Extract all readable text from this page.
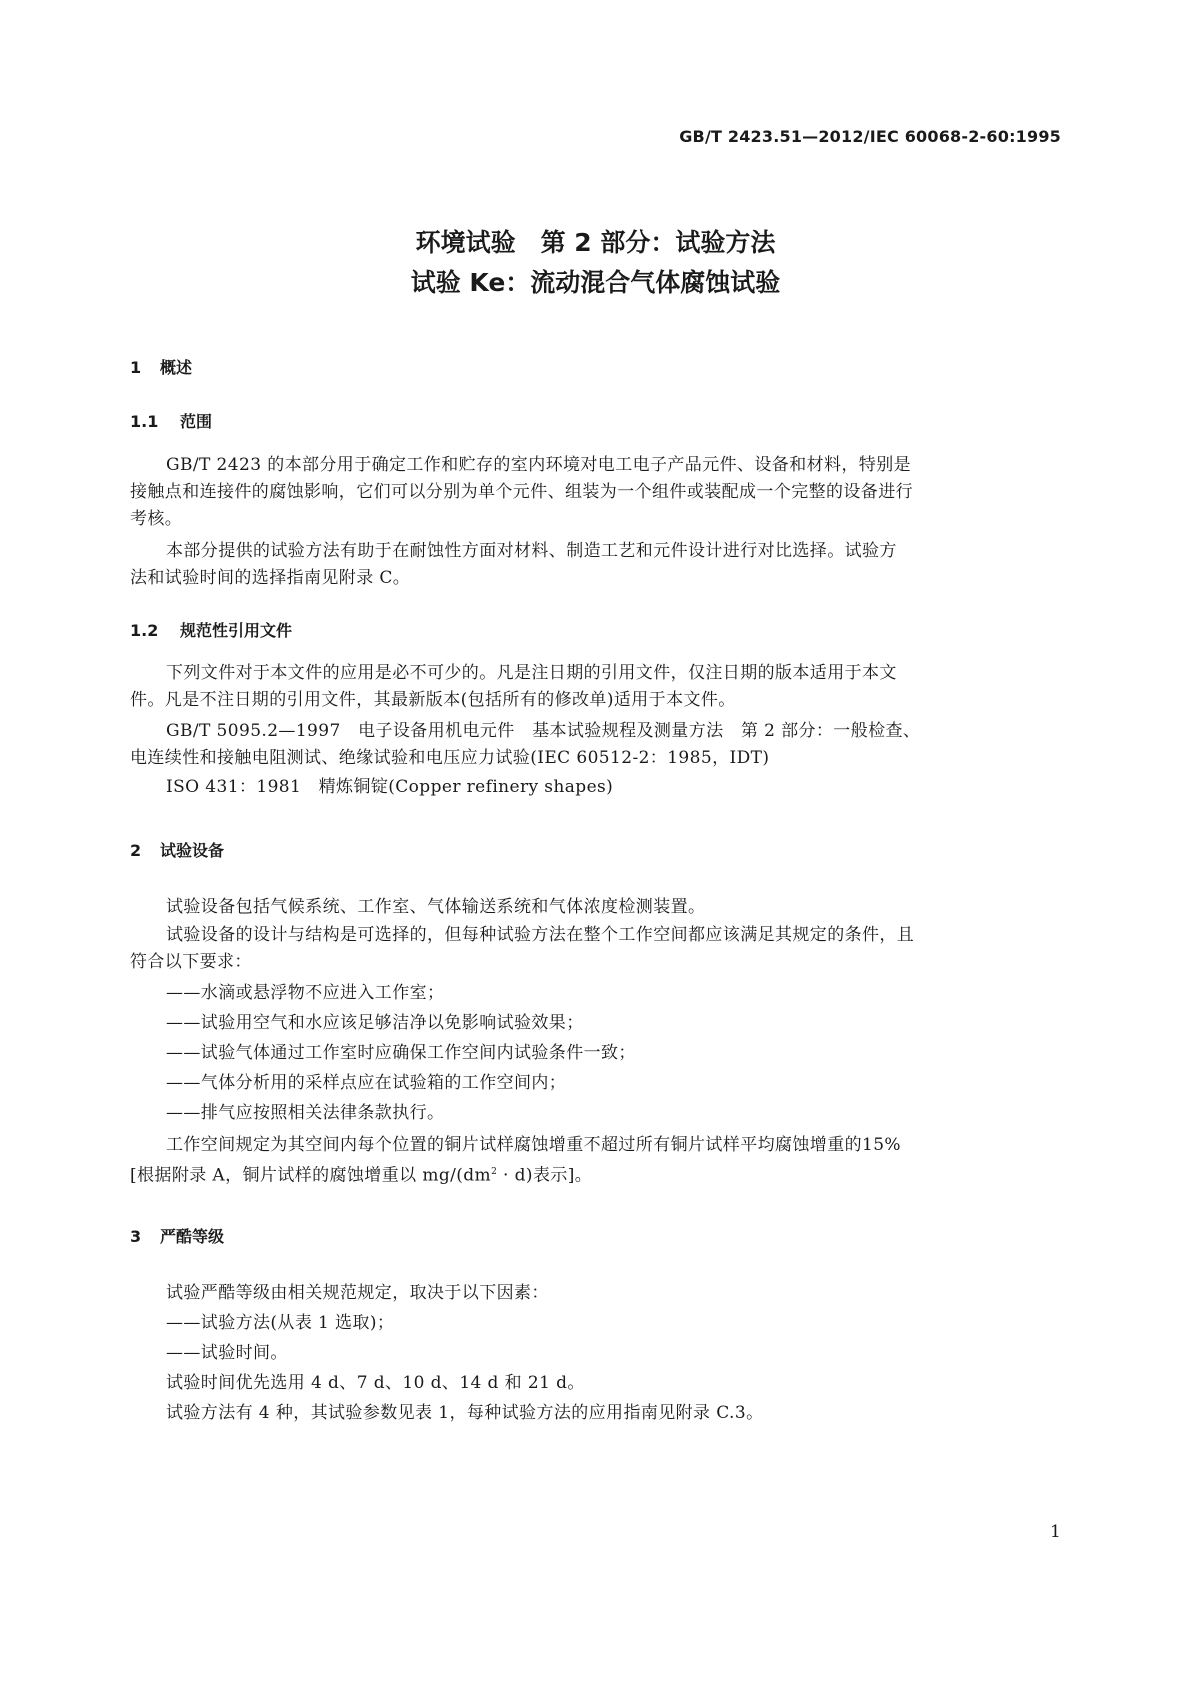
GB/T 2423.51—2012/IEC 60068-2-60:1995
环境试验　第 2 部分：试验方法
试验 Ke：流动混合气体腐蚀试验
1 概述
1.1 范围
GB/T 2423 的本部分用于确定工作和贮存的室内环境对电工电子产品元件、设备和材料，特别是
接触点和连接件的腐蚀影响，它们可以分别为单个元件、组装为一个组件或装配成一个完整的设备进行
考核。
本部分提供的试验方法有助于在耐蚀性方面对材料、制造工艺和元件设计进行对比选择。试验方
法和试验时间的选择指南见附录 C。
1.2 规范性引用文件
下列文件对于本文件的应用是必不可少的。凡是注日期的引用文件，仅注日期的版本适用于本文
件。凡是不注日期的引用文件，其最新版本(包括所有的修改单)适用于本文件。
GB/T 5095.2—1997　电子设备用机电元件　基本试验规程及测量方法　第 2 部分：一般检查、
电连续性和接触电阻测试、绝缘试验和电压应力试验(IEC 60512-2：1985，IDT)
ISO 431：1981　精炼铜锭(Copper refinery shapes)
2 试验设备
试验设备包括气候系统、工作室、气体输送系统和气体浓度检测装置。
试验设备的设计与结构是可选择的，但每种试验方法在整个工作空间都应该满足其规定的条件，且
符合以下要求：
——水滴或悬浮物不应进入工作室；
——试验用空气和水应该足够洁净以免影响试验效果；
——试验气体通过工作室时应确保工作空间内试验条件一致；
——气体分析用的采样点应在试验箱的工作空间内；
——排气应按照相关法律条款执行。
工作空间规定为其空间内每个位置的铜片试样腐蚀增重不超过所有铜片试样平均腐蚀增重的15%
[根据附录 A，铜片试样的腐蚀增重以 $mg/(dm^2 \cdot d)$表示]。
3 严酷等级
试验严酷等级由相关规范规定，取决于以下因素：
——试验方法(从表 1 选取)；
——试验时间。
试验时间优先选用 4 d、7 d、10 d、14 d 和 21 d。
试验方法有 4 种，其试验参数见表 1，每种试验方法的应用指南见附录 C.3。
1
